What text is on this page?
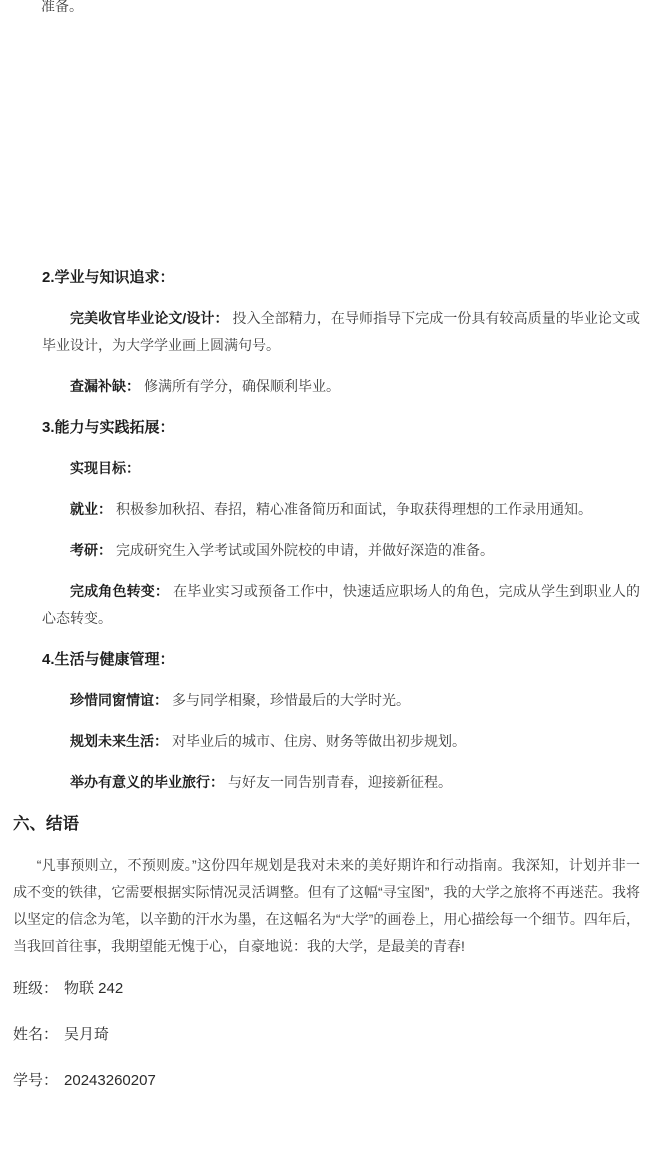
准备。
2.学业与知识追求：

完美收官毕业论文/设计： 投入全部精力，在导师指导下完成一份具有较高质量的毕业论文或毕业设计，为大学学业画上圆满句号。

查漏补缺： 修满所有学分，确保顺利毕业。

3.能力与实践拓展：

实现目标：

就业： 积极参加秋招、春招，精心准备简历和面试，争取获得理想的工作录用通知。

考研： 完成研究生入学考试或国外院校的申请，并做好深造的准备。

完成角色转变： 在毕业实习或预备工作中，快速适应职场人的角色，完成从学生到职业人的心态转变。

4.生活与健康管理：

珍惜同窗情谊： 多与同学相聚，珍惜最后的大学时光。

规划未来生活： 对毕业后的城市、住房、财务等做出初步规划。

举办有意义的毕业旅行： 与好友一同告别青春，迎接新征程。

六、结语

“凡事预则立，不预则废。”这份四年规划是我对未来的美好期许和行动指南。我深知，计划并非一成不变的铁律，它需要根据实际情况灵活调整。但有了这幅“寻宝图”，我的大学之旅将不再迷茫。我将以坚定的信念为笔，以辛勤的汗水为墨，在这幅名为“大学”的画卷上，用心描绘每一个细节。四年后，当我回首往事，我期望能无愧于心，自豪地说：我的大学，是最美的青春!

班级： 物联 242

姓名： 吴月琦

学号： 20243260207
